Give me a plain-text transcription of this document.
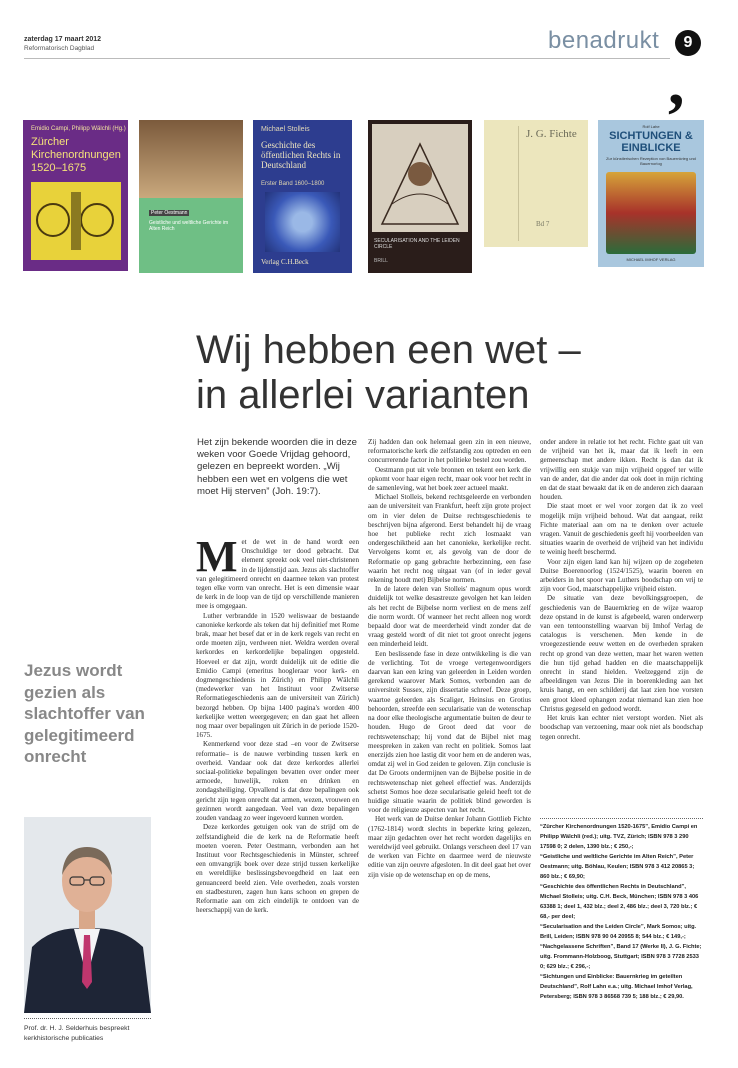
zaterdag 17 maart 2012
Reformatorisch Dagblad	benadrukt	9
,
Emidio Campi, Philipp Wälchli (Hg.)
Zürcher Kirchenordnungen 1520–1675
Peter Oestmann
Geistliche und weltliche Gerichte im Alten Reich
Michael Stolleis
Geschichte des öffentlichen Rechts in Deutschland
Erster Band 1600–1800
Verlag C.H.Beck
SECULARISATION AND THE LEIDEN CIRCLE
BRILL
J. G. Fichte
Bd 7
Rolf Lahe
SICHTUNGEN & EINBLICKE
Zur künstlerischen Rezeption von Bauernkrieg und Bauernorlog
MICHAEL IMHOF VERLAG
Wij hebben een wet –
in allerlei varianten
Het zijn bekende woorden die in deze weken voor Goede Vrijdag gehoord, gelezen en bepreekt worden. „Wij hebben een wet en volgens die wet moet Hij sterven” (Joh. 19:7).
M et de wet in de hand wordt een Onschuldige ter dood gebracht. Dat element spreekt ook veel niet-christenen in de lijdenstijd aan. Jezus als slachtoffer van gelegitimeerd onrecht en daarmee teken van protest tegen elke vorm van onrecht. Het is een dimensie waar de kerk in de loop van de tijd op verschillende manieren mee is omgegaan.

Luther verbrandde in 1520 weliswaar de bestaande canonieke kerkorde als teken dat hij definitief met Rome brak, maar het besef dat er in de kerk regels van recht en orde moeten zijn, verdween niet. Weldra werden overal kerkordes en kerkordelijke bepalingen opgesteld. Hoeveel er dat zijn, wordt duidelijk uit de editie die Emidio Campi (emeritus hoogleraar voor kerk- en dogmengeschiedenis in Zürich) en Philipp Wälchli (medewerker van het Instituut voor Zwitserse Reformatiegeschiedenis aan de universiteit van Zürich) bezorgd hebben. Op bijna 1400 pagina's worden 400 kerkelijke wetten weergegeven; en dan gaat het alleen nog maar over bepalingen uit Zürich in de periode 1520-1675.

Kenmerkend voor deze stad –en voor de Zwitserse reformatie– is de nauwe verbinding tussen kerk en overheid. Vandaar ook dat deze kerkordes allerlei sociaal-politieke bepalingen bevatten over onder meer armoede, huwelijk, roken en drinken en zondagsheiliging. Opvallend is dat deze bepalingen ook gericht zijn tegen onrecht dat armen, wezen, vrouwen en gezinnen wordt aangedaan. Veel van deze bepalingen zouden vandaag zo weer ingevoerd kunnen worden.

Deze kerkordes getuigen ook van de strijd om de zelfstandigheid die de kerk na de Reformatie heeft moeten voeren. Peter Oestmann, verbonden aan het Instituut voor Rechtsgeschiedenis in Münster, schreef een omvangrijk boek over deze strijd tussen kerkelijke en wereldlijke beslissingsbevoegdheid en laat een genuanceerd beeld zien. Vele overheden, zoals vorsten en stadbesturen, zagen hun kans schoon en grepen de Reformatie aan om zich eindelijk te ontdoen van de heerschappij van de kerk.

Zij hadden dan ook helemaal geen zin in een nieuwe, reformatorische kerk die zelfstandig zou optreden en een concurrerende factor in het politieke bestel zou worden.

Oestmann put uit vele bronnen en tekent een kerk die opkomt voor haar eigen recht, maar ook voor het recht in de samenleving, wat het boek zeer actueel maakt.

Michael Stolleis, bekend rechtsgeleerde en verbonden aan de universiteit van Frankfurt, heeft zijn grote project om in vier delen de Duitse rechtsgeschiedenis te beschrijven bijna afgerond. Eerst behandelt hij de vraag hoe het publieke recht zich losmaakt van ondergeschiktheid aan het canonieke, kerkelijke recht. Vervolgens komt er, als gevolg van de door de Reformatie op gang gebrachte herbezinning, een fase waarin het recht nog uitgaat van (of in ieder geval rekening houdt met) Bijbelse normen.

In de latere delen van Stolleis' magnum opus wordt duidelijk tot welke desastreuze gevolgen het kan leiden als het recht de Bijbelse norm verliest en de mens zelf die norm wordt. Of wanneer het recht alleen nog wordt bepaald door wat de meerderheid vindt zonder dat de vraag gesteld wordt of dit niet tot groot onrecht jegens een minderheid leidt.

Een beslissende fase in deze ontwikkeling is die van de verlichting. Tot de vroege vertegenwoordigers daarvan kan een kring van geleerden in Leiden worden gerekend waarover Mark Somos, verbonden aan de universiteit Sussex, zijn dissertatie schreef. Deze groep, waartoe geleerden als Scaliger, Heinsius en Grotius behoorden, streefde een secularisatie van de wetenschap na door elke theologische argumentatie buiten de deur te houden. Hugo de Groot deed dat voor de rechtswetenschap; hij vond dat de Bijbel niet mag meespreken in zaken van recht en politiek. Somos laat enerzijds zien hoe lastig dit voor hem en de anderen was, omdat zij wel in God zeiden te geloven. Zijn conclusie is dat De Groots ondermijnen van de Bijbelse positie in de rechtswetenschap niet geheel effectief was. Anderzijds schetst Somos hoe deze secularisatie geleid heeft tot de huidige situatie waarin de politiek blind geworden is voor de religieuze aspecten van het recht.

Het werk van de Duitse denker Johann Gottlieb Fichte (1762-1814) wordt slechts in beperkte kring gelezen, maar zijn gedachten over het recht worden dagelijks en wereldwijd veel gebruikt. Onlangs verscheen deel 17 van de werken van Fichte en daarmee werd de nieuwste editie van zijn oeuvre afgesloten. In dit deel gaat het over zijn visie op de wetenschap en op de mens,

onder andere in relatie tot het recht. Fichte gaat uit van de vrijheid van het ik, maar dat ik leeft in een gemeenschap met andere ikken. Recht is dan dat ik vrijwillig een stukje van mijn vrijheid opgeef ter wille van de ander, dat die ander dat ook doet in mijn richting en dat de staat bewaakt dat ik en de anderen zich daaraan houden.

Die staat moet er wel voor zorgen dat ik zo veel mogelijk mijn vrijheid behoud. Wat dat aangaat, reikt Fichte materiaal aan om na te denken over actuele vragen. Vanuit de geschiedenis geeft hij voorbeelden van situaties waarin de overheid de vrijheid van het individu te weinig heeft beschermd.

Voor zijn eigen land kan hij wijzen op de zogeheten Duitse Boerenoorlog (1524/1525), waarin boeren en arbeiders in het spoor van Luthers boodschap om vrij te zijn voor God, maatschappelijke vrijheid eisten.

De situatie van deze bevolkingsgroepen, de geschiedenis van de Bauernkrieg en de wijze waarop deze opstand in de kunst is afgebeeld, waren onderwerp van een tentoonstelling waarvan bij Imhof Verlag de catalogus is verschenen. Men kende in de vroegezestiende eeuw wetten en de overheden spraken recht op grond van deze wetten, maar het waren wetten die hun tijd gehad hadden en die maatschappelijk onrecht in stand hielden. Veelzeggend zijn de afbeeldingen van Jezus Die in boerenkleding aan het kruis hangt, en een schilderij dat laat zien hoe vorsten een groot kleed ophangen zodat niemand kan zien hoe Christus gegeseld en gedood wordt.

Het kruis kan echter niet verstopt worden. Niet als boodschap van verzoening, maar ook niet als boodschap tegen onrecht.

Jezus wordt gezien als slachtoffer van gelegitimeerd onrecht
Prof. dr. H. J. Selderhuis bespreekt kerkhistorische publicaties
“Zürcher Kirchenordnungen 1520-1675”, Emidio Campi en Philipp Wälchli (red.); uitg. TVZ, Zürich; ISBN 978 3 290 17598 0; 2 delen, 1390 blz.; € 250,-;
“Geistliche und weltliche Gerichte im Alten Reich”, Peter Oestmann; uitg. Böhlau, Keulen; ISBN 978 3 412 20865 3; 860 blz.; € 69,90;
“Geschichte des öffentlichen Rechts in Deutschland”, Michael Stolleis; uitg. C.H. Beck, München; ISBN 978 3 406 63388 1; deel 1, 432 blz.; deel 2, 486 blz.; deel 3, 720 blz.; € 68,- per deel;
“Secularisation and the Leiden Circle”, Mark Somos; uitg. Brill, Leiden; ISBN 978 90 04 20955 8; 544 blz.; € 149,-;
“Nachgelassene Schriften”, Band 17 (Werke II), J. G. Fichte; uitg. Frommann-Holzboog, Stuttgart; ISBN 978 3 7728 2533 0; 629 blz.; € 296,-;
“Sichtungen und Einblicke: Bauernkrieg im geteilten Deutschland”, Rolf Lahn e.a.; uitg. Michael Imhof Verlag, Petersberg; ISBN 978 3 86568 739 5; 188 blz.; € 29,90.
